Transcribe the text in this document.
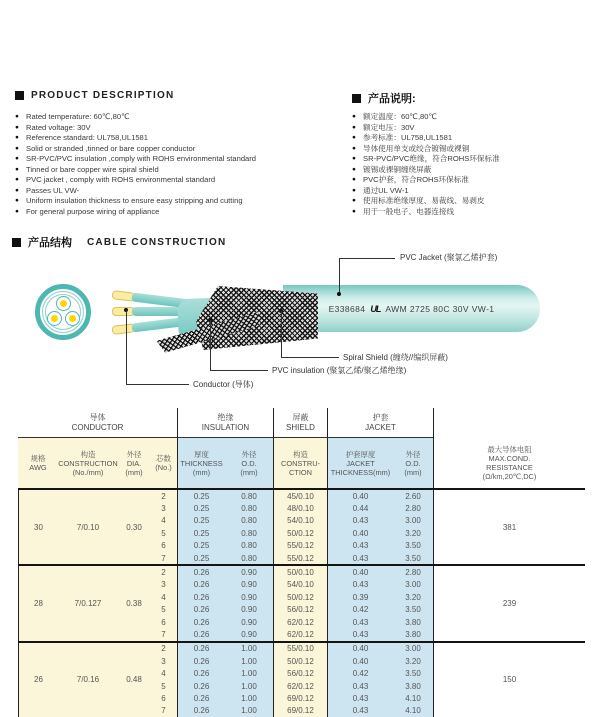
PRODUCT DESCRIPTION
● Rated temperature: 60℃,80℃
● Rated voltage: 30V
● Reference standard: UL758,UL1581
● Solid or stranded ,tinned or bare copper conductor
● SR-PVC/PVC insulation ,comply with ROHS environmental standard
● Tinned or bare copper wire spiral shield
● PVC jacket , comply with ROHS environmental standard
● Passes UL VW-
● Uniform insulation thickness to ensure easy stripping and cutting
● For general purpose wiring of appliance
产品说明:
● 额定温度：60℃,80℃
● 额定电压：30V
● 参考标准：UL758,UL1581
● 导体使用单支或绞合镀锡或裸铜
● SR-PVC/PVC绝缘，符合ROHS环保标准
● 镀锡或裸铜缠绕屏蔽
● PVC护套，符合ROHS环保标准
● 通过UL VW-1
● 使用标准绝缘厚度、易裁线、易剥皮
● 用于一般电子、电器连接线
产品结构 CABLE CONSTRUCTION
E338684 UL AWM 2725 80C 30V VW-1
PVC Jacket (聚氯乙烯护套)
Spiral Shield (缠绕//编织屏蔽)
PVC insulation (聚氯乙烯/聚乙烯绝缘)
Conductor (导体)
导体
CONDUCTOR
绝缘
INSULATION
屏蔽
SHIELD
护套
JACKET
规格
AWG
构造
CONSTRUCTION
(No./mm)
外径
DIA.
(mm)
芯数
(No.)
厚度
THICKNESS
(mm)
外径
O.D.
(mm)
构造
CONSTRU-
CTION
护套厚度
JACKET
THICKNESS(mm)
外径
O.D.
(mm)
最大导体电阻
MAX.COND.
RESISTANCE
(Ω/km,20℃,DC)
30	7/0.10	0.30
2	0.25	0.80	45/0.10	0.40	2.60
3	0.25	0.80	48/0.10	0.44	2.80
4	0.25	0.80	54/0.10	0.43	3.00
5	0.25	0.80	50/0.12	0.40	3.20
6	0.25	0.80	55/0.12	0.43	3.50
7	0.25	0.80	55/0.12	0.43	3.50
381
28	7/0.127	0.38
2	0.26	0.90	50/0.10	0.40	2.80
3	0.26	0.90	54/0.10	0.43	3.00
4	0.26	0.90	50/0.12	0.39	3.20
5	0.26	0.90	56/0.12	0.42	3.50
6	0.26	0.90	62/0.12	0.43	3.80
7	0.26	0.90	62/0.12	0.43	3.80
239
26	7/0.16	0.48
2	0.26	1.00	55/0.10	0.40	3.00
3	0.26	1.00	50/0.12	0.40	3.20
4	0.26	1.00	56/0.12	0.42	3.50
5	0.26	1.00	62/0.12	0.43	3.80
6	0.26	1.00	69/0.12	0.43	4.10
7	0.26	1.00	69/0.12	0.43	4.10
150
